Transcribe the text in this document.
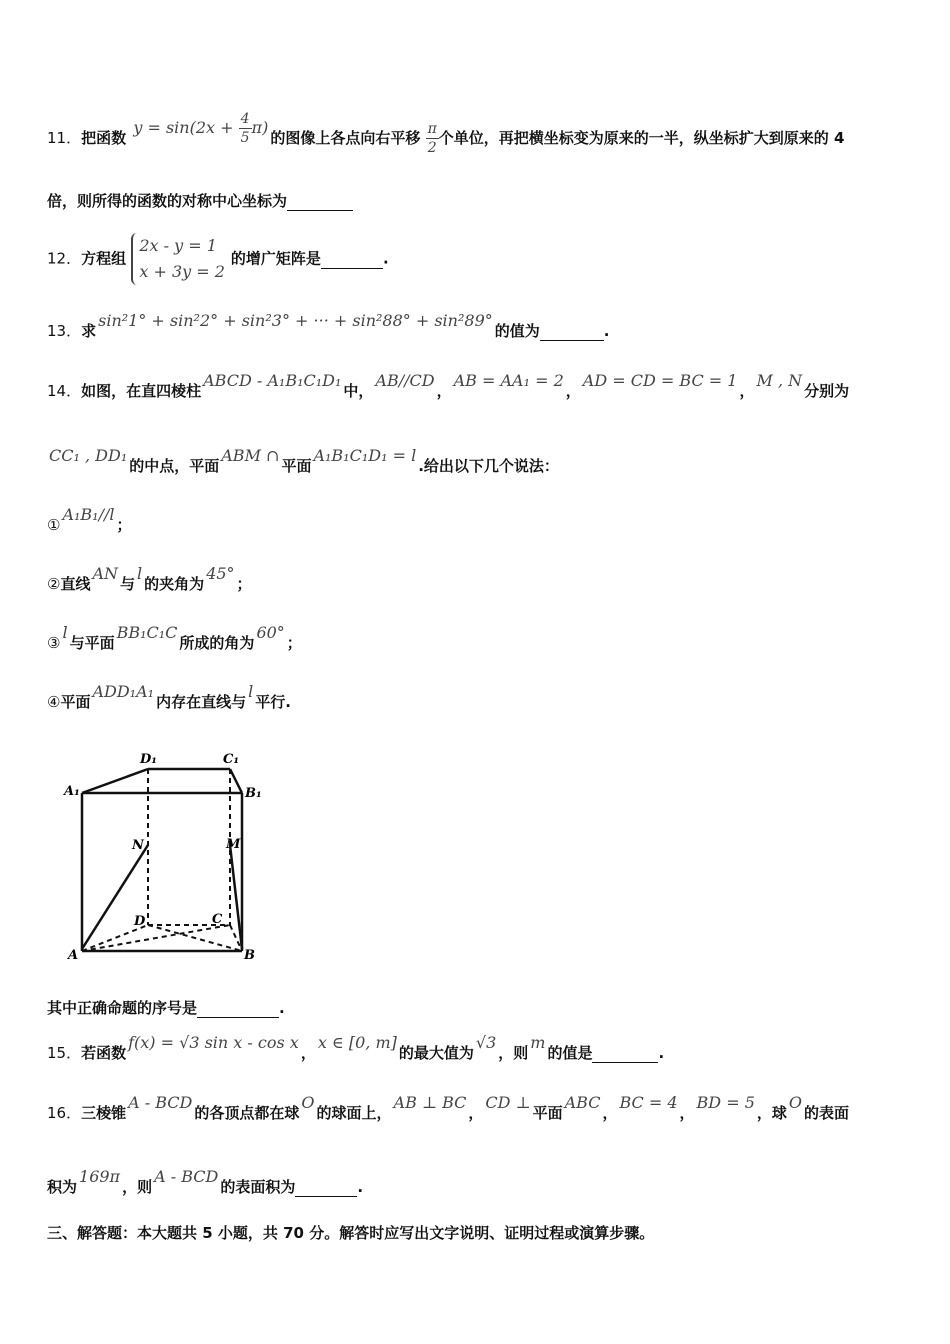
11．把函数 $y = \sin(2x + \frac{4}{5} \pi)$的图像上各点向右平移 $\frac{\pi}{2}$ 个单位，再把横坐标变为原来的一半，纵坐标扩大到原来的 4
倍，则所得的函数的对称中心坐标为
12．方程组
2x - y = 1
x + 3y = 2
的增广矩阵是	.
13．求sin²1° + sin²2° + sin²3° + ··· + sin²88° + sin²89°的值为	.
14．如图，在直四棱柱ABCD - A₁B₁C₁D₁中，AB//CD，AB = AA₁ = 2，AD = CD = BC = 1，M , N分别为
CC₁ , DD₁的中点，平面ABM ∩平面A₁B₁C₁D₁ = l.给出以下几个说法：
①A₁B₁//l；
②直线AN与l的夹角为45°；
③l与平面BB₁C₁C所成的角为60°；
④平面ADD₁A₁内存在直线与l平行.
A₁
D₁	C₁
B₁
N	M
D	C
A	B
其中正确命题的序号是	.
15．若函数f(x) = √3 sin x - cos x，x ∈ [0, m]的最大值为√3，则m的值是	.
16．三棱锥A - BCD的各顶点都在球O的球面上，AB ⊥ BC，CD ⊥平面ABC，BC = 4，BD = 5，球O的表面
积为169π，则A - BCD的表面积为	.
三、解答题：本大题共 5 小题，共 70 分。解答时应写出文字说明、证明过程或演算步骤。
